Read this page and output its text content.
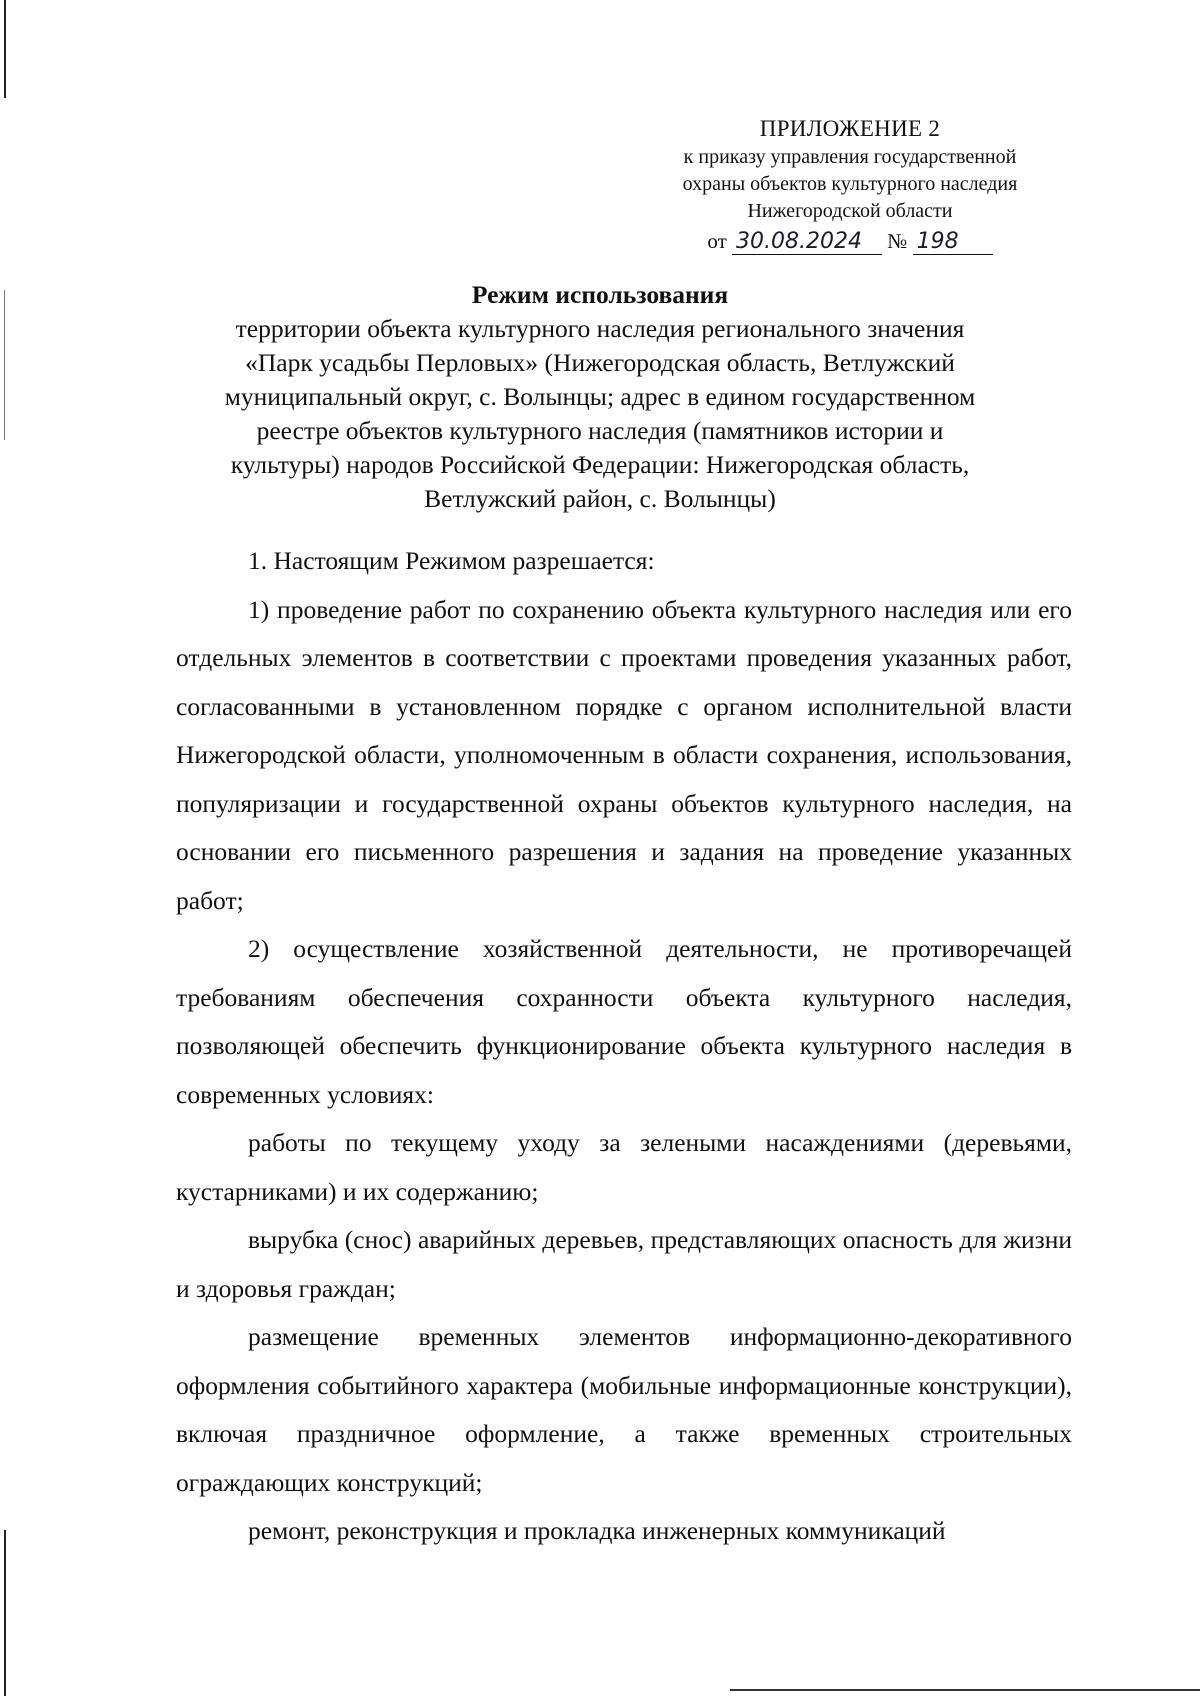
ПРИЛОЖЕНИЕ 2
к приказу управления государственной
охраны объектов культурного наследия
Нижегородской области
от 30.08.2024 № 198
Режим использования
территории объекта культурного наследия регионального значения
«Парк усадьбы Перловых» (Нижегородская область, Ветлужский
муниципальный округ, с. Волынцы; адрес в едином государственном
реестре объектов культурного наследия (памятников истории и
культуры) народов Российской Федерации: Нижегородская область,
Ветлужский район, с. Волынцы)

1. Настоящим Режимом разрешается:

1) проведение работ по сохранению объекта культурного наследия или его отдельных элементов в соответствии с проектами проведения указанных работ, согласованными в установленном порядке с органом исполнительной власти Нижегородской области, уполномоченным в области сохранения, использования, популяризации и государственной охраны объектов культурного наследия, на основании его письменного разрешения и задания на проведение указанных работ;

2) осуществление хозяйственной деятельности, не противоречащей требованиям обеспечения сохранности объекта культурного наследия, позволяющей обеспечить функционирование объекта культурного наследия в современных условиях:

работы по текущему уходу за зелеными насаждениями (деревьями, кустарниками) и их содержанию;

вырубка (снос) аварийных деревьев, представляющих опасность для жизни и здоровья граждан;

размещение временных элементов информационно-декоративного оформления событийного характера (мобильные информационные конструкции), включая праздничное оформление, а также временных строительных ограждающих конструкций;

ремонт, реконструкция и прокладка инженерных коммуникаций
